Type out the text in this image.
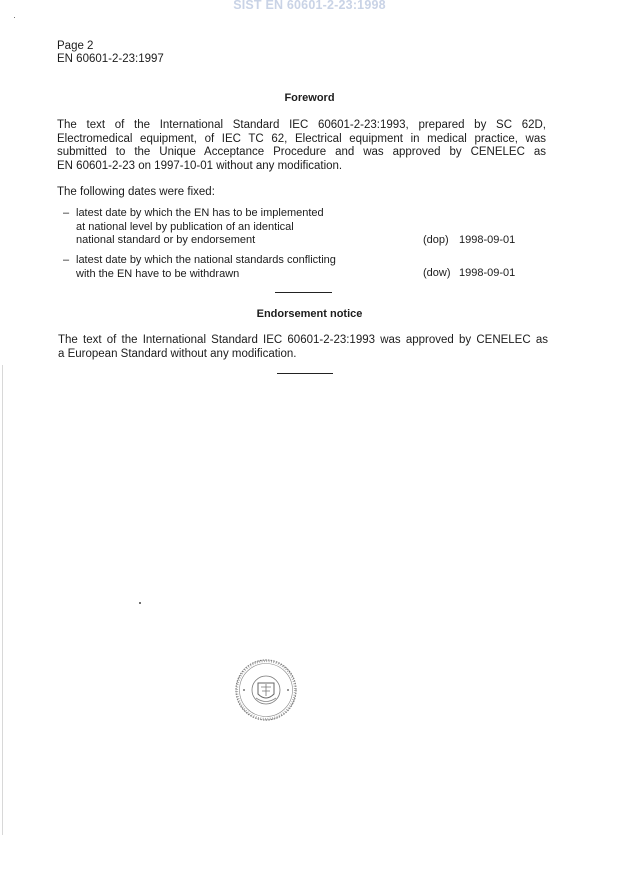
SIST EN 60601-2-23:1998
Page 2
EN 60601-2-23:1997
Foreword
The text of the International Standard IEC 60601-2-23:1993, prepared by SC 62D,
Electromedical equipment, of IEC TC 62, Electrical equipment in medical practice, was
submitted to the Unique Acceptance Procedure and was approved by CENELEC as
EN 60601-2-23 on 1997-10-01 without any modification.
The following dates were fixed:
– latest date by which the EN has to be implemented
at national level by publication of an identical
national standard or by endorsement	(dop) 1998-09-01
– latest date by which the national standards conflicting
with the EN have to be withdrawn	(dow) 1998-09-01
Endorsement notice
The text of the International Standard IEC 60601-2-23:1993 was approved by CENELEC as
a European Standard without any modification.
